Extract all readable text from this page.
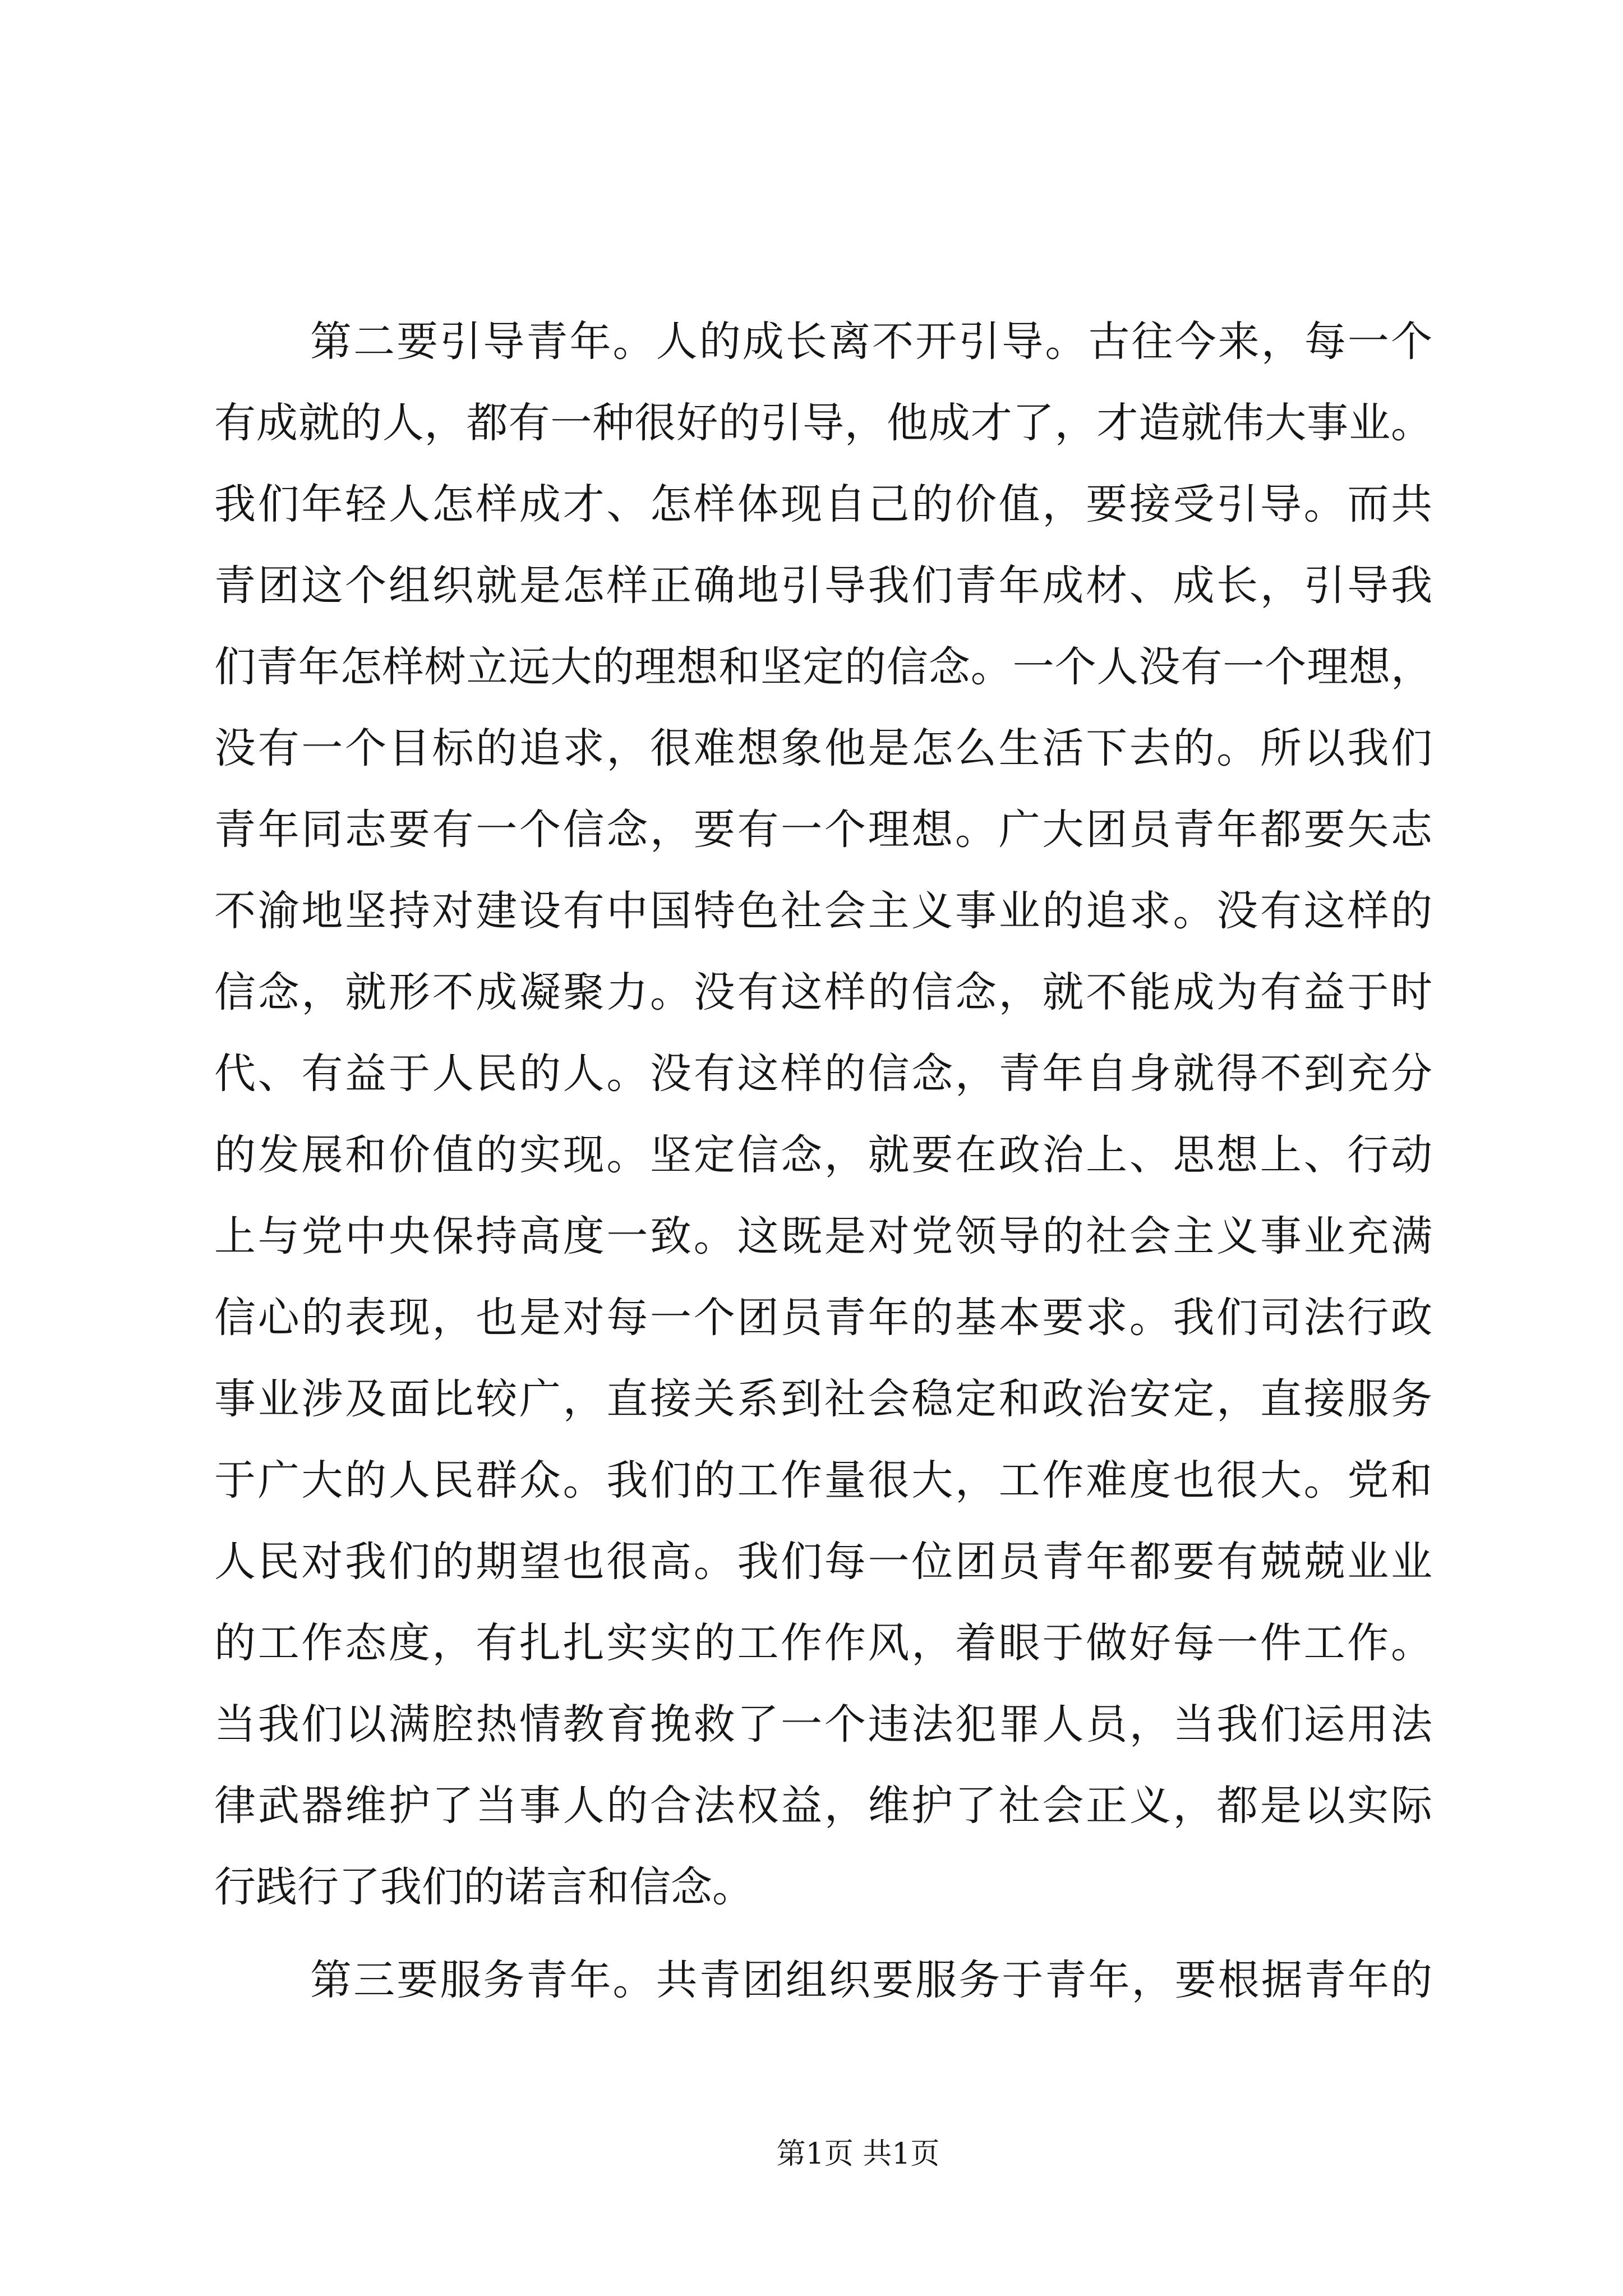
第二要引导青年。人的成长离不开引导。古往今来，每一个
有成就的人，都有一种很好的引导，他成才了，才造就伟大事业。
我们年轻人怎样成才、怎样体现自己的价值，要接受引导。而共
青团这个组织就是怎样正确地引导我们青年成材、成长，引导我
们青年怎样树立远大的理想和坚定的信念。一个人没有一个理想，
没有一个目标的追求，很难想象他是怎么生活下去的。所以我们
青年同志要有一个信念，要有一个理想。广大团员青年都要矢志
不渝地坚持对建设有中国特色社会主义事业的追求。没有这样的
信念，就形不成凝聚力。没有这样的信念，就不能成为有益于时
代、有益于人民的人。没有这样的信念，青年自身就得不到充分
的发展和价值的实现。坚定信念，就要在政治上、思想上、行动
上与党中央保持高度一致。这既是对党领导的社会主义事业充满
信心的表现，也是对每一个团员青年的基本要求。我们司法行政
事业涉及面比较广，直接关系到社会稳定和政治安定，直接服务
于广大的人民群众。我们的工作量很大，工作难度也很大。党和
人民对我们的期望也很高。我们每一位团员青年都要有兢兢业业
的工作态度，有扎扎实实的工作作风，着眼于做好每一件工作。
当我们以满腔热情教育挽救了一个违法犯罪人员，当我们运用法
律武器维护了当事人的合法权益，维护了社会正义，都是以实际
行践行了我们的诺言和信念。
第三要服务青年。共青团组织要服务于青年，要根据青年的
第1页 共1页
